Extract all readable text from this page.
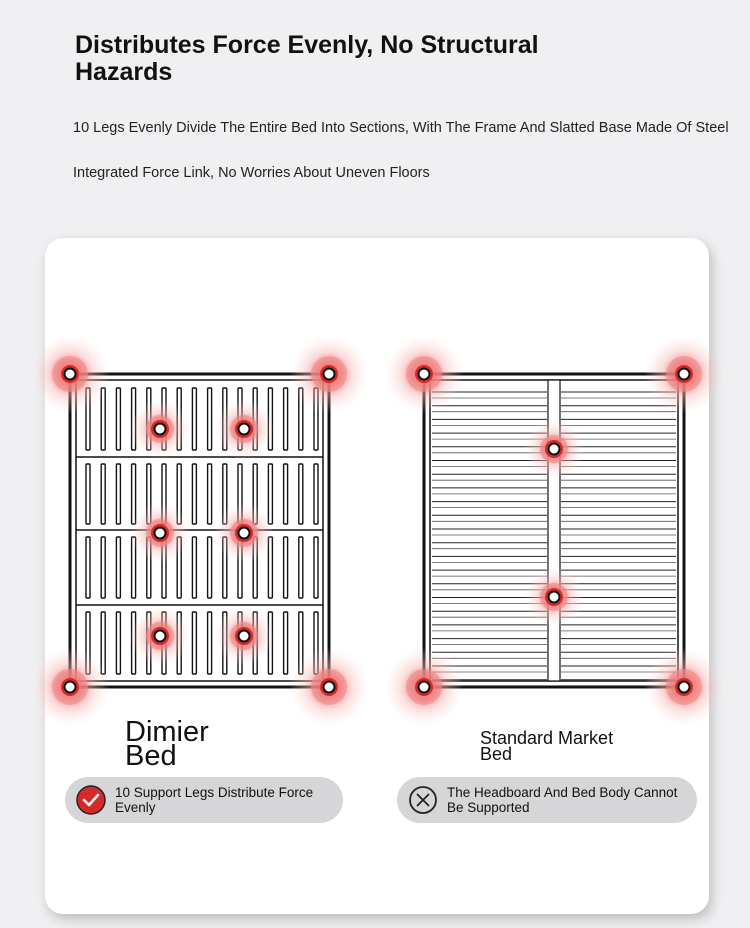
Distributes Force Evenly, No Structural Hazards
10 Legs Evenly Divide The Entire Bed Into Sections, With The Frame And Slatted Base Made Of Steel
Integrated Force Link, No Worries About Uneven Floors
Dimier
Bed
Standard Market
Bed
10 Support Legs Distribute Force Evenly
The Headboard And Bed Body Cannot
Be Supported
